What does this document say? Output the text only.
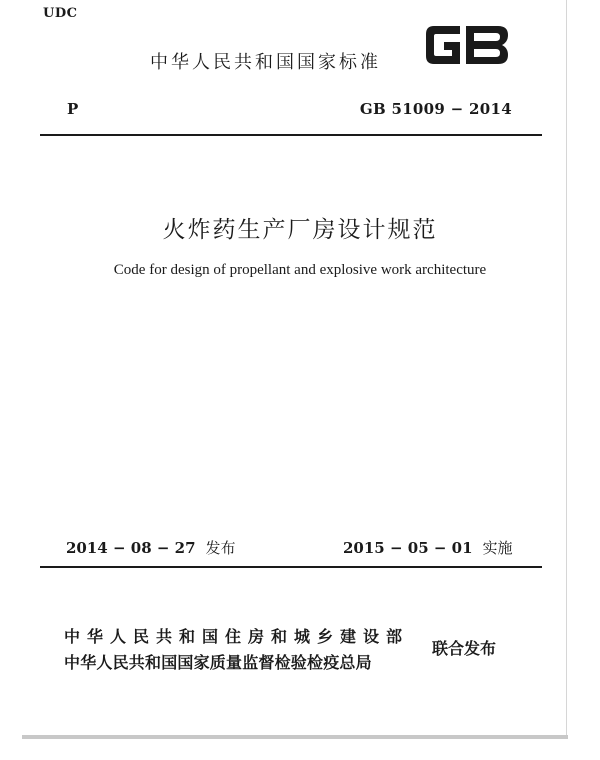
UDC
中华人民共和国国家标准
P	GB 51009 − 2014
火炸药生产厂房设计规范
Code for design of propellant and explosive work architecture
2014 − 08 − 27 发布	2015 − 05 − 01 实施
中华人民共和国住房和城乡建设部
中华人民共和国国家质量监督检验检疫总局
联合发布
